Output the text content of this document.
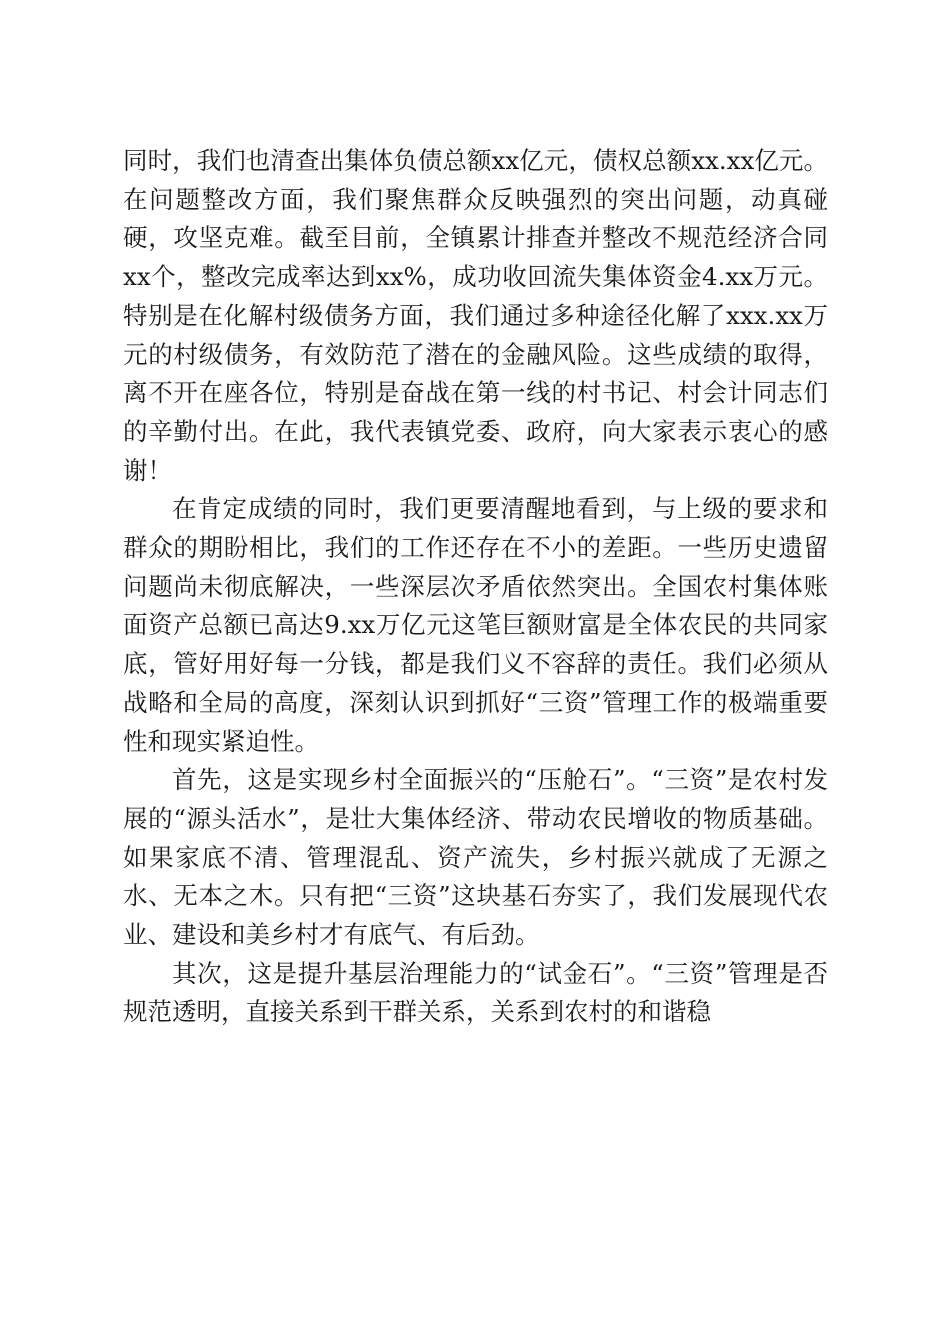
同时，我们也清查出集体负债总额xx亿元，债权总额xx.xx亿元。在问题整改方面，我们聚焦群众反映强烈的突出问题，动真碰硬，攻坚克难。截至目前，全镇累计排查并整改不规范经济合同xx个，整改完成率达到xx%，成功收回流失集体资金4.xx万元。特别是在化解村级债务方面，我们通过多种途径化解了xxx.xx万元的村级债务，有效防范了潜在的金融风险。这些成绩的取得，离不开在座各位，特别是奋战在第一线的村书记、村会计同志们的辛勤付出。在此，我代表镇党委、政府，向大家表示衷心的感谢！

在肯定成绩的同时，我们更要清醒地看到，与上级的要求和群众的期盼相比，我们的工作还存在不小的差距。一些历史遗留问题尚未彻底解决，一些深层次矛盾依然突出。全国农村集体账面资产总额已高达9.xx万亿元这笔巨额财富是全体农民的共同家底，管好用好每一分钱，都是我们义不容辞的责任。我们必须从战略和全局的高度，深刻认识到抓好“三资”管理工作的极端重要性和现实紧迫性。

首先，这是实现乡村全面振兴的“压舱石”。“三资”是农村发展的“源头活水”，是壮大集体经济、带动农民增收的物质基础。如果家底不清、管理混乱、资产流失，乡村振兴就成了无源之水、无本之木。只有把“三资”这块基石夯实了，我们发展现代农业、建设和美乡村才有底气、有后劲。

其次，这是提升基层治理能力的“试金石”。“三资”管理是否规范透明，直接关系到干群关系，关系到农村的和谐稳
